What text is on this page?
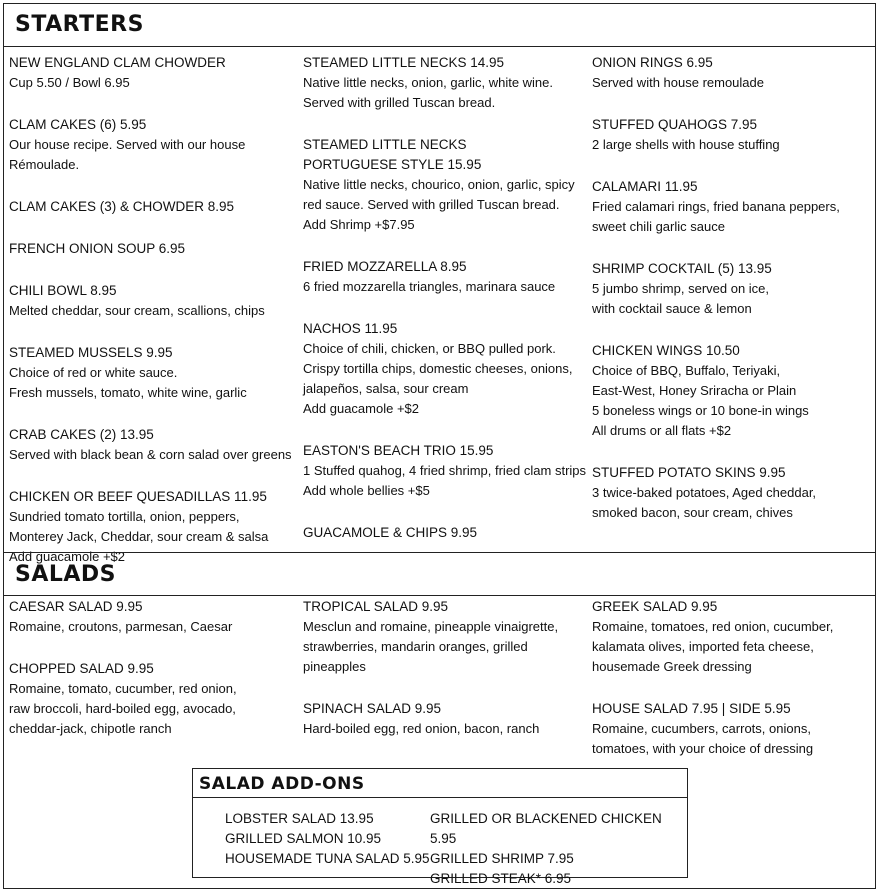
STARTERS
NEW ENGLAND CLAM CHOWDER
Cup 5.50 / Bowl 6.95
CLAM CAKES (6) 5.95
Our house recipe. Served with our house Rémoulade.
CLAM CAKES (3) & CHOWDER 8.95
FRENCH ONION SOUP 6.95
CHILI BOWL 8.95
Melted cheddar, sour cream, scallions, chips
STEAMED MUSSELS 9.95
Choice of red or white sauce.
Fresh mussels, tomato, white wine, garlic
CRAB CAKES (2) 13.95
Served with black bean & corn salad over greens
CHICKEN OR BEEF QUESADILLAS 11.95
Sundried tomato tortilla, onion, peppers,
Monterey Jack, Cheddar, sour cream & salsa
Add guacamole +$2
STEAMED LITTLE NECKS 14.95
Native little necks, onion, garlic, white wine.
Served with grilled Tuscan bread.
STEAMED LITTLE NECKS
PORTUGUESE STYLE 15.95
Native little necks, chourico, onion, garlic, spicy
red sauce. Served with grilled Tuscan bread.
Add Shrimp +$7.95
FRIED MOZZARELLA 8.95
6 fried mozzarella triangles, marinara sauce
NACHOS 11.95
Choice of chili, chicken, or BBQ pulled pork.
Crispy tortilla chips, domestic cheeses, onions,
jalapeños, salsa, sour cream
Add guacamole +$2
EASTON'S BEACH TRIO 15.95
1 Stuffed quahog, 4 fried shrimp, fried clam strips
Add whole bellies +$5
GUACAMOLE & CHIPS 9.95
ONION RINGS 6.95
Served with house remoulade
STUFFED QUAHOGS 7.95
2 large shells with house stuffing
CALAMARI 11.95
Fried calamari rings, fried banana peppers,
sweet chili garlic sauce
SHRIMP COCKTAIL (5) 13.95
5 jumbo shrimp, served on ice,
with cocktail sauce & lemon
CHICKEN WINGS 10.50
Choice of BBQ, Buffalo, Teriyaki,
East-West, Honey Sriracha or Plain
5 boneless wings or 10 bone-in wings
All drums or all flats +$2
STUFFED POTATO SKINS 9.95
3 twice-baked potatoes, Aged cheddar,
smoked bacon, sour cream, chives
SALADS
CAESAR SALAD 9.95
Romaine, croutons, parmesan, Caesar
CHOPPED SALAD 9.95
Romaine, tomato, cucumber, red onion,
raw broccoli, hard-boiled egg, avocado,
cheddar-jack, chipotle ranch
TROPICAL SALAD 9.95
Mesclun and romaine, pineapple vinaigrette,
strawberries, mandarin oranges, grilled pineapples
SPINACH SALAD 9.95
Hard-boiled egg, red onion, bacon, ranch
GREEK SALAD 9.95
Romaine, tomatoes, red onion, cucumber,
kalamata olives, imported feta cheese,
housemade Greek dressing
HOUSE SALAD 7.95 | SIDE 5.95
Romaine, cucumbers, carrots, onions,
tomatoes, with your choice of dressing
SALAD ADD-ONS
LOBSTER SALAD 13.95
GRILLED SALMON 10.95
HOUSEMADE TUNA SALAD 5.95
GRILLED OR BLACKENED CHICKEN 5.95
GRILLED SHRIMP 7.95
GRILLED STEAK* 6.95
